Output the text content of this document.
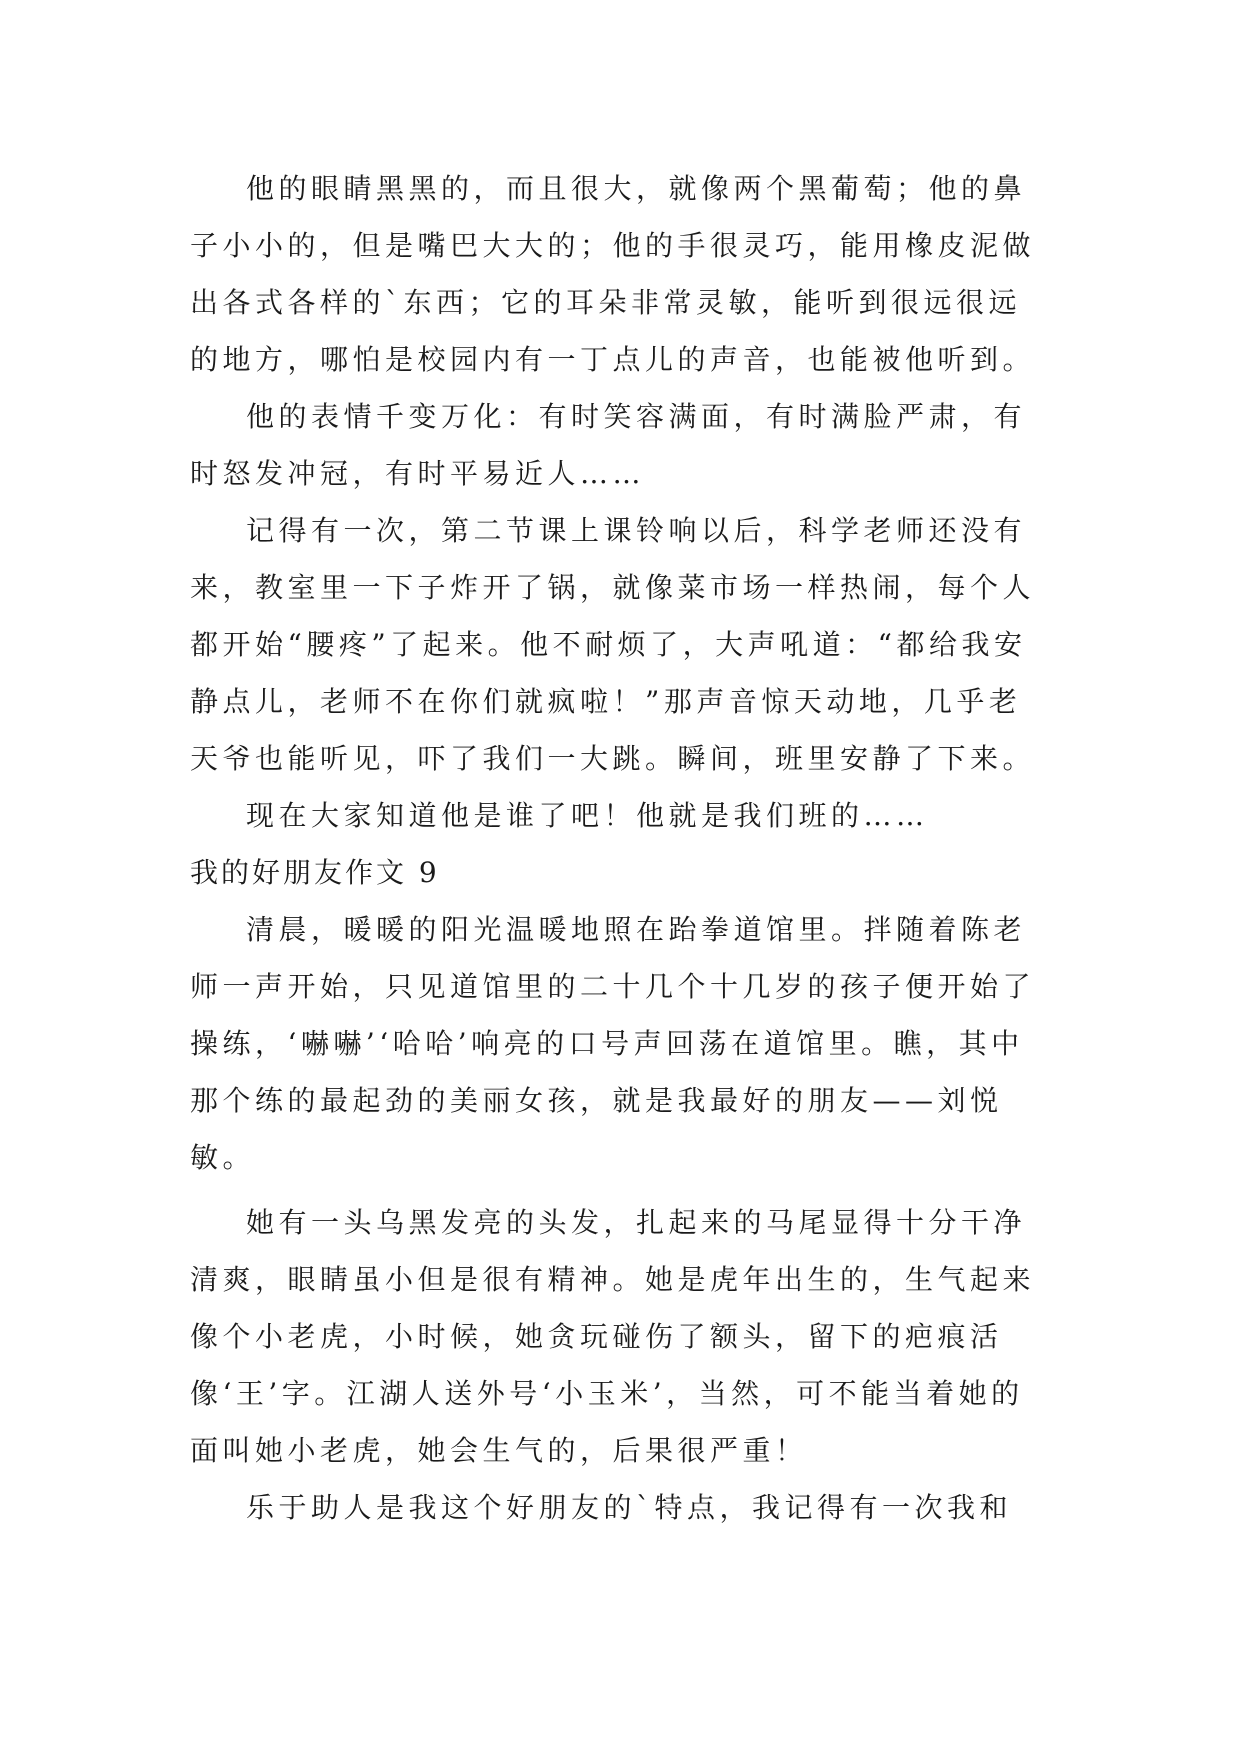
他的眼睛黑黑的，而且很大，就像两个黑葡萄；他的鼻子小小的，但是嘴巴大大的；他的手很灵巧，能用橡皮泥做出各式各样的`东西；它的耳朵非常灵敏，能听到很远很远的地方，哪怕是校园内有一丁点儿的声音，也能被他听到。

他的表情千变万化：有时笑容满面，有时满脸严肃，有时怒发冲冠，有时平易近人……

记得有一次，第二节课上课铃响以后，科学老师还没有来，教室里一下子炸开了锅，就像菜市场一样热闹，每个人都开始“腰疼”了起来。他不耐烦了，大声吼道：“都给我安静点儿，老师不在你们就疯啦！”那声音惊天动地，几乎老天爷也能听见，吓了我们一大跳。瞬间，班里安静了下来。

现在大家知道他是谁了吧！他就是我们班的……

我的好朋友作文 9

清晨，暖暖的阳光温暖地照在跆拳道馆里。拌随着陈老师一声开始，只见道馆里的二十几个十几岁的孩子便开始了操练，‘嚇嚇’‘哈哈’响亮的口号声回荡在道馆里。瞧，其中那个练的最起劲的美丽女孩，就是我最好的朋友——刘悦敏。

她有一头乌黑发亮的头发，扎起来的马尾显得十分干净清爽，眼睛虽小但是很有精神。她是虎年出生的，生气起来像个小老虎，小时候，她贪玩碰伤了额头，留下的疤痕活像‘王’字。江湖人送外号‘小玉米’，当然，可不能当着她的面叫她小老虎，她会生气的，后果很严重！

乐于助人是我这个好朋友的`特点，我记得有一次我和
